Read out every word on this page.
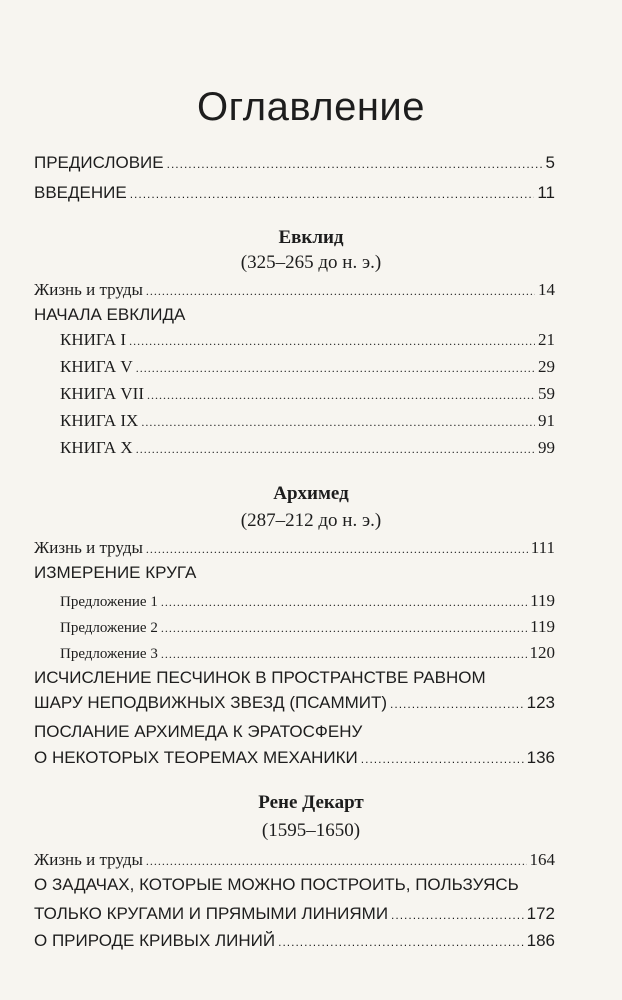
Оглавление
ПРЕДИСЛОВИЕ .....	5
ВВЕДЕНИЕ .....	11
Евклид
(325–265 до н. э.)
Жизнь и труды .....	14
НАЧАЛА ЕВКЛИДА
КНИГА I .....	21
КНИГА V .....	29
КНИГА VII .....	59
КНИГА IX .....	91
КНИГА X .....	99
Архимед
(287–212 до н. э.)
Жизнь и труды .....	111
ИЗМЕРЕНИЕ КРУГА
Предложение 1 .....	119
Предложение 2 .....	119
Предложение 3 .....	120
ИСЧИСЛЕНИЕ ПЕСЧИНОК В ПРОСТРАНСТВЕ РАВНОМ
ШАРУ НЕПОДВИЖНЫХ ЗВЕЗД (ПСАММИТ) .....	123
ПОСЛАНИЕ АРХИМЕДА К ЭРАТОСФЕНУ
О НЕКОТОРЫХ ТЕОРЕМАХ МЕХАНИКИ .....	136
Рене Декарт
(1595–1650)
Жизнь и труды .....	164
О ЗАДАЧАХ, КОТОРЫЕ МОЖНО ПОСТРОИТЬ, ПОЛЬЗУЯСЬ
ТОЛЬКО КРУГАМИ И ПРЯМЫМИ ЛИНИЯМИ .....	172
О ПРИРОДЕ КРИВЫХ ЛИНИЙ .....	186
